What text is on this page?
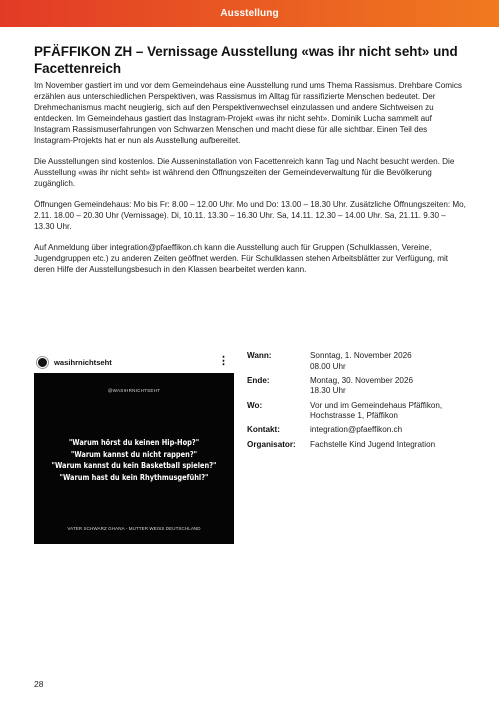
Ausstellung
PFÄFFIKON ZH – Vernissage Ausstellung «was ihr nicht seht» und Facettenreich

Im November gastiert im und vor dem Gemeindehaus eine Ausstellung rund ums Thema Rassismus. Drehbare Comics erzählen aus unterschiedlichen Perspektiven, was Rassismus im Alltag für rassifizierte Menschen bedeutet. Der Drehmechanismus macht neugierig, sich auf den Perspektivenwechsel einzulassen und andere Sichtweisen zu entdecken. Im Gemeindehaus gastiert das Instagram-Projekt «was ihr nicht seht». Dominik Lucha sammelt auf Instagram Rassismuserfahrungen von Schwarzen Menschen und macht diese für alle sichtbar. Einen Teil des Instagram-Projekts hat er nun als Ausstellung aufbereitet.

Die Ausstellungen sind kostenlos. Die Ausseninstallation von Facettenreich kann Tag und Nacht besucht werden. Die Ausstellung «was ihr nicht seht» ist während den Öffnungszeiten der Gemeindeverwaltung für die Bevölkerung zugänglich.

Öffnungen Gemeindehaus: Mo bis Fr: 8.00 – 12.00 Uhr. Mo und Do: 13.00 – 18.30 Uhr. Zusätzliche Öffnungszeiten: Mo, 2.11. 18.00 – 20.30 Uhr (Vernissage). Di, 10.11. 13.30 – 16.30 Uhr. Sa, 14.11. 12.30 – 14.00 Uhr. Sa, 21.11. 9.30 – 13.30 Uhr.

Auf Anmeldung über integration@pfaeffikon.ch kann die Ausstellung auch für Gruppen (Schulklassen, Vereine, Jugendgruppen etc.) zu anderen Zeiten geöffnet werden. Für Schulklassen stehen Arbeitsblätter zur Verfügung, mit deren Hilfe der Ausstellungsbesuch in den Klassen bearbeitet werden kann.

wasihrnichtseht	⋮
@WASIHRNICHTSEHT
"Warum hörst du keinen Hip-Hop?"
"Warum kannst du nicht rappen?"
"Warum kannst du kein Basketball spielen?"
"Warum hast du kein Rhythmusgefühl?"
VATER SCHWARZ GHANA - MUTTER WEISS DEUTSCHLAND
Wann:	Sonntag, 1. November 2026
08.00 Uhr
Ende:	Montag, 30. November 2026
18.30 Uhr
Wo:	Vor und im Gemeindehaus Pfäffikon,
Hochstrasse 1, Pfäffikon
Kontakt:	integration@pfaeffikon.ch
Organisator:	Fachstelle Kind Jugend Integration
28
